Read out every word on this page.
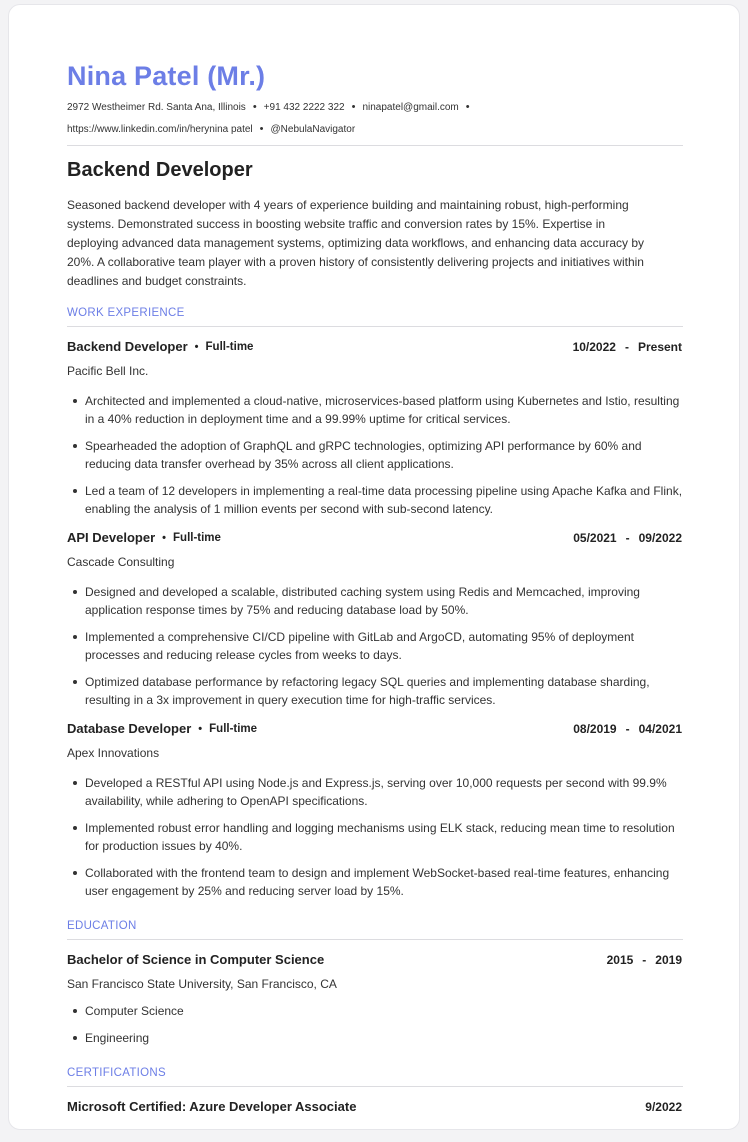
Nina Patel (Mr.)
2972 Westheimer Rd. Santa Ana, Illinois • +91 432 2222 322 • ninapatel@gmail.com •
https://www.linkedin.com/in/herynina patel • @NebulaNavigator
Backend Developer
Seasoned backend developer with 4 years of experience building and maintaining robust, high-performing systems. Demonstrated success in boosting website traffic and conversion rates by 15%. Expertise in deploying advanced data management systems, optimizing data workflows, and enhancing data accuracy by 20%. A collaborative team player with a proven history of consistently delivering projects and initiatives within deadlines and budget constraints.
WORK EXPERIENCE
Backend Developer • Full-time	10/2022 - Present
Pacific Bell Inc.
Architected and implemented a cloud-native, microservices-based platform using Kubernetes and Istio, resulting in a 40% reduction in deployment time and a 99.99% uptime for critical services.
Spearheaded the adoption of GraphQL and gRPC technologies, optimizing API performance by 60% and reducing data transfer overhead by 35% across all client applications.
Led a team of 12 developers in implementing a real-time data processing pipeline using Apache Kafka and Flink, enabling the analysis of 1 million events per second with sub-second latency.
API Developer • Full-time	05/2021 - 09/2022
Cascade Consulting
Designed and developed a scalable, distributed caching system using Redis and Memcached, improving application response times by 75% and reducing database load by 50%.
Implemented a comprehensive CI/CD pipeline with GitLab and ArgoCD, automating 95% of deployment processes and reducing release cycles from weeks to days.
Optimized database performance by refactoring legacy SQL queries and implementing database sharding, resulting in a 3x improvement in query execution time for high-traffic services.
Database Developer • Full-time	08/2019 - 04/2021
Apex Innovations
Developed a RESTful API using Node.js and Express.js, serving over 10,000 requests per second with 99.9% availability, while adhering to OpenAPI specifications.
Implemented robust error handling and logging mechanisms using ELK stack, reducing mean time to resolution for production issues by 40%.
Collaborated with the frontend team to design and implement WebSocket-based real-time features, enhancing user engagement by 25% and reducing server load by 15%.
EDUCATION
Bachelor of Science in Computer Science	2015 - 2019
San Francisco State University, San Francisco, CA
Computer Science
Engineering
CERTIFICATIONS
Microsoft Certified: Azure Developer Associate	9/2022
